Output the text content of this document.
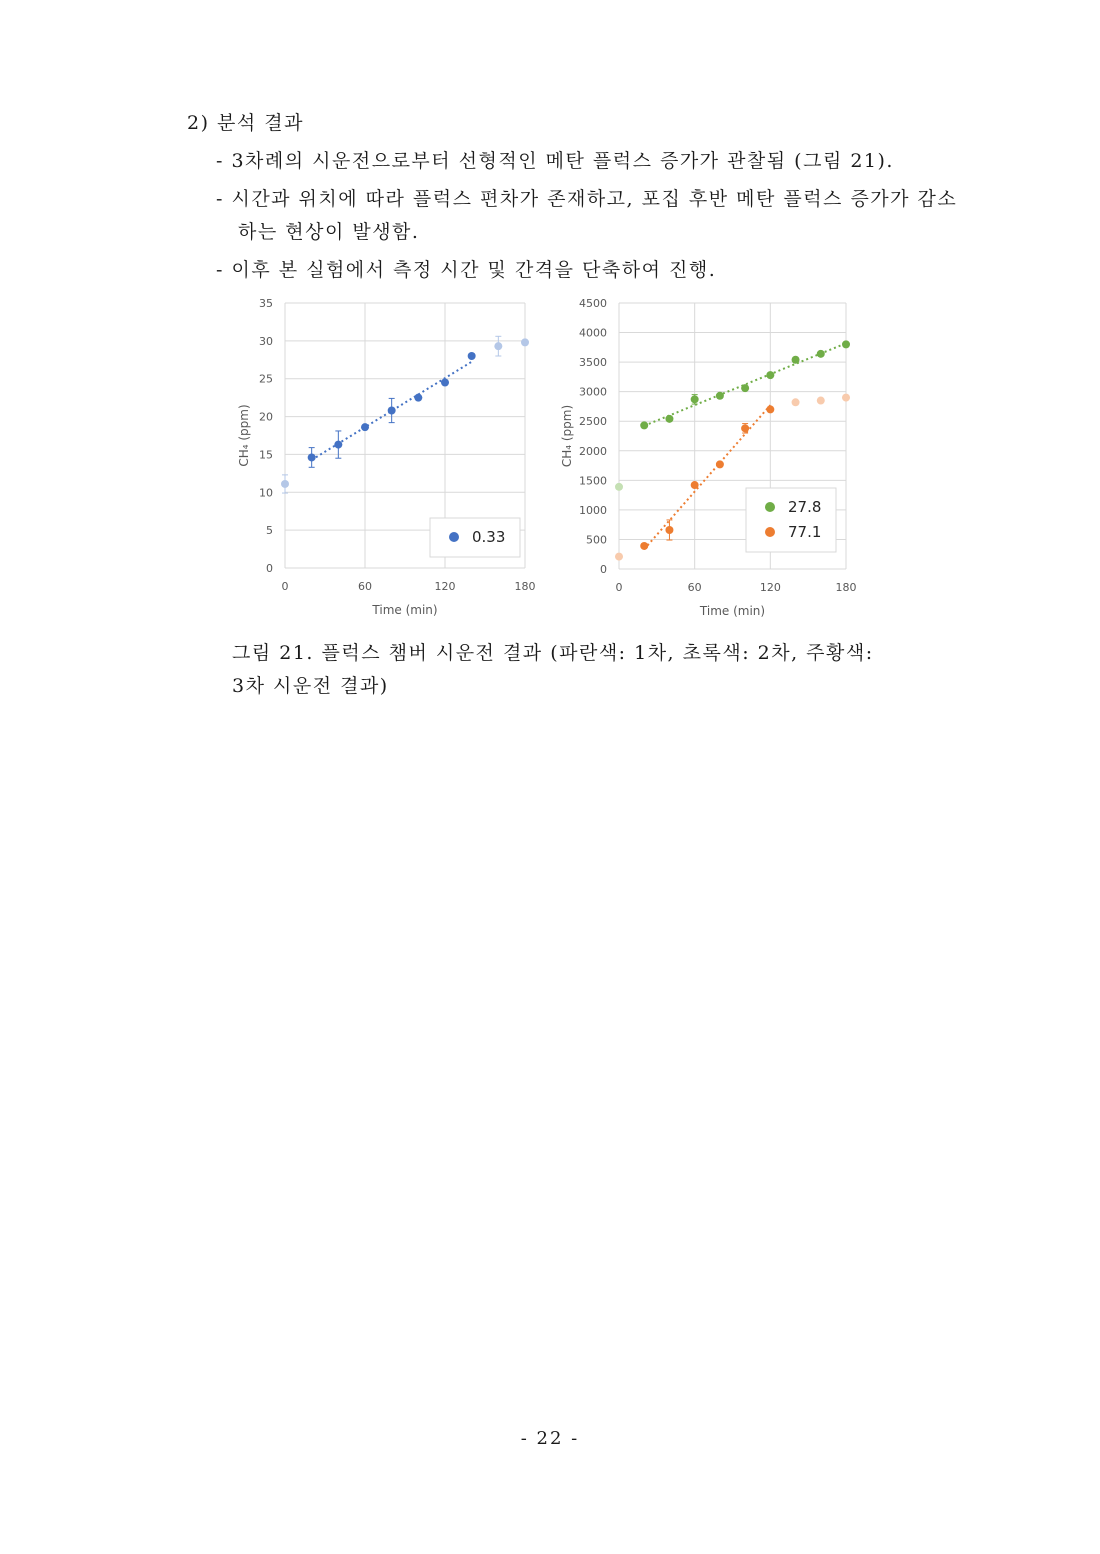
2) 분석 결과
- 3차례의 시운전으로부터 선형적인 메탄 플럭스 증가가 관찰됨 (그림 21).
- 시간과 위치에 따라 플럭스 편차가 존재하고, 포집 후반 메탄 플럭스 증가가 감소
하는 현상이 발생함.
- 이후 본 실험에서 측정 시간 및 간격을 단축하여 진행.
0
5
10
15
20
25
30
35
0	60	120	180
Time (min)
CH₄ (ppm)
0.33
0
500
1000
1500
2000
2500
3000
3500
4000
4500
0	60	120	180
Time (min)
CH₄ (ppm)
27.8
77.1
그림 21. 플럭스 챔버 시운전 결과 (파란색: 1차, 초록색: 2차, 주황색:
3차 시운전 결과)
- 22 -
